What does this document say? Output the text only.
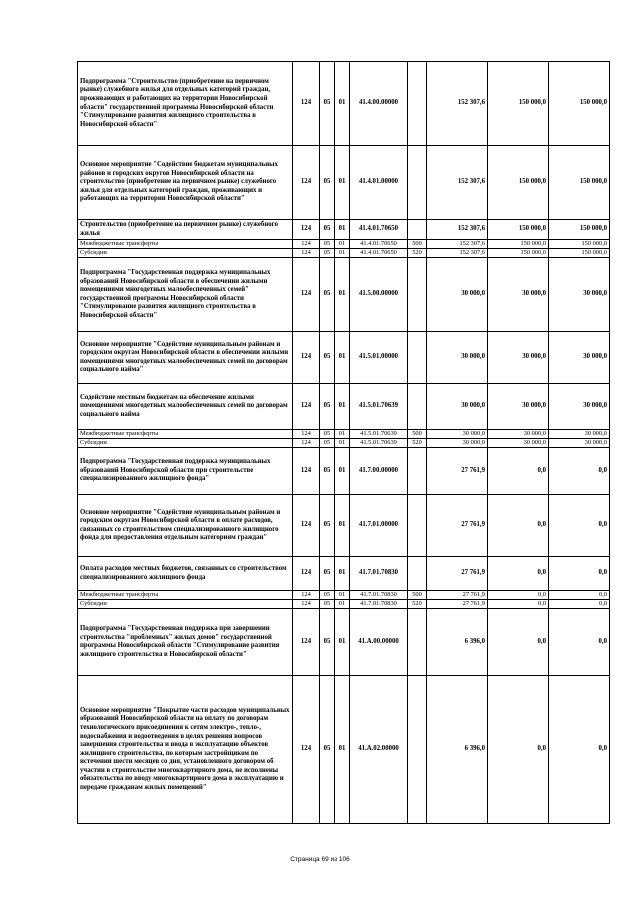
Подпрограмма "Строительство (приобретение на первичном рынке) служебного жилья для отдельных категорий граждан, проживающих и работающих на территории Новосибирской области" государственной программы Новосибирской области "Стимулирование развития жилищного строительства в Новосибирской области"	124	05	01	41.4.00.00000		152 307,6	150 000,0	150 000,0
Основное мероприятие "Содействие бюджетам муниципальных районов и городских округов Новосибирской области на строительство (приобретение на первичном рынке) служебного жилья для отдельных категорий граждан, проживающих и работающих на территории Новосибирской области"	124	05	01	41.4.01.00000		152 307,6	150 000,0	150 000,0
Строительство (приобретение на первичном рынке) служебного жилья	124	05	01	41.4.01.70650		152 307,6	150 000,0	150 000,0
Межбюджетные трансферты	124	05	01	41.4.01.70650	500	152 307,6	150 000,0	150 000,0
Субсидии	124	05	01	41.4.01.70650	520	152 307,6	150 000,0	150 000,0
Подпрограмма "Государственная поддержка муниципальных образований Новосибирской области в обеспечении жилыми помещениями многодетных малообеспеченных семей" государственной программы Новосибирской области "Стимулирование развития жилищного строительства в Новосибирской области"	124	05	01	41.5.00.00000		30 000,0	30 000,0	30 000,0
Основное мероприятие "Содействие муниципальным районам и городским округам Новосибирской области в обеспечении жилыми помещениями многодетных малообеспеченных семей по договорам социального найма"	124	05	01	41.5.01.00000		30 000,0	30 000,0	30 000,0
Содействие местным бюджетам на обеспечение жилыми помещениями многодетных малообеспеченных семей по договорам социального найма	124	05	01	41.5.01.70639		30 000,0	30 000,0	30 000,0
Межбюджетные трансферты	124	05	01	41.5.01.70639	500	30 000,0	30 000,0	30 000,0
Субсидии	124	05	01	41.5.01.70639	520	30 000,0	30 000,0	30 000,0
Подпрограмма "Государственная поддержка муниципальных образований Новосибирской области при строительстве специализированного жилищного фонда"	124	05	01	41.7.00.00000		27 761,9	0,0	0,0
Основное мероприятие "Содействие муниципальным районам и городским округам Новосибирской области в оплате расходов, связанных со строительством специализированного жилищного фонда для предоставления отдельным категориям граждан"	124	05	01	41.7.01.00000		27 761,9	0,0	0,0
Оплата расходов местных бюджетов, связанных со строительством специализированного жилищного фонда	124	05	01	41.7.01.70830		27 761,9	0,0	0,0
Межбюджетные трансферты	124	05	01	41.7.01.70830	500	27 761,9	0,0	0,0
Субсидии	124	05	01	41.7.01.70830	520	27 761,9	0,0	0,0
Подпрограмма "Государственная поддержка при завершении строительства "проблемных" жилых домов" государственной программы Новосибирской области "Стимулирование развития жилищного строительства в Новосибирской области"	124	05	01	41.А.00.00000		6 396,0	0,0	0,0
Основное мероприятие "Покрытие части расходов муниципальных образований Новосибирской области на оплату по договорам технологического присоединения к сетям электро-, тепло-, водоснабжения и водоотведения в целях решения вопросов завершения строительства и ввода в эксплуатацию объектов жилищного строительства, по которым застройщиком по истечении шести месяцев со дня, установленного договором об участии в строительстве многоквартирного дома, не исполнены обязательства по вводу многоквартирного дома в эксплуатацию и передаче гражданам жилых помещений"	124	05	01	41.А.02.00000		6 396,0	0,0	0,0
Страница 69 из 106
